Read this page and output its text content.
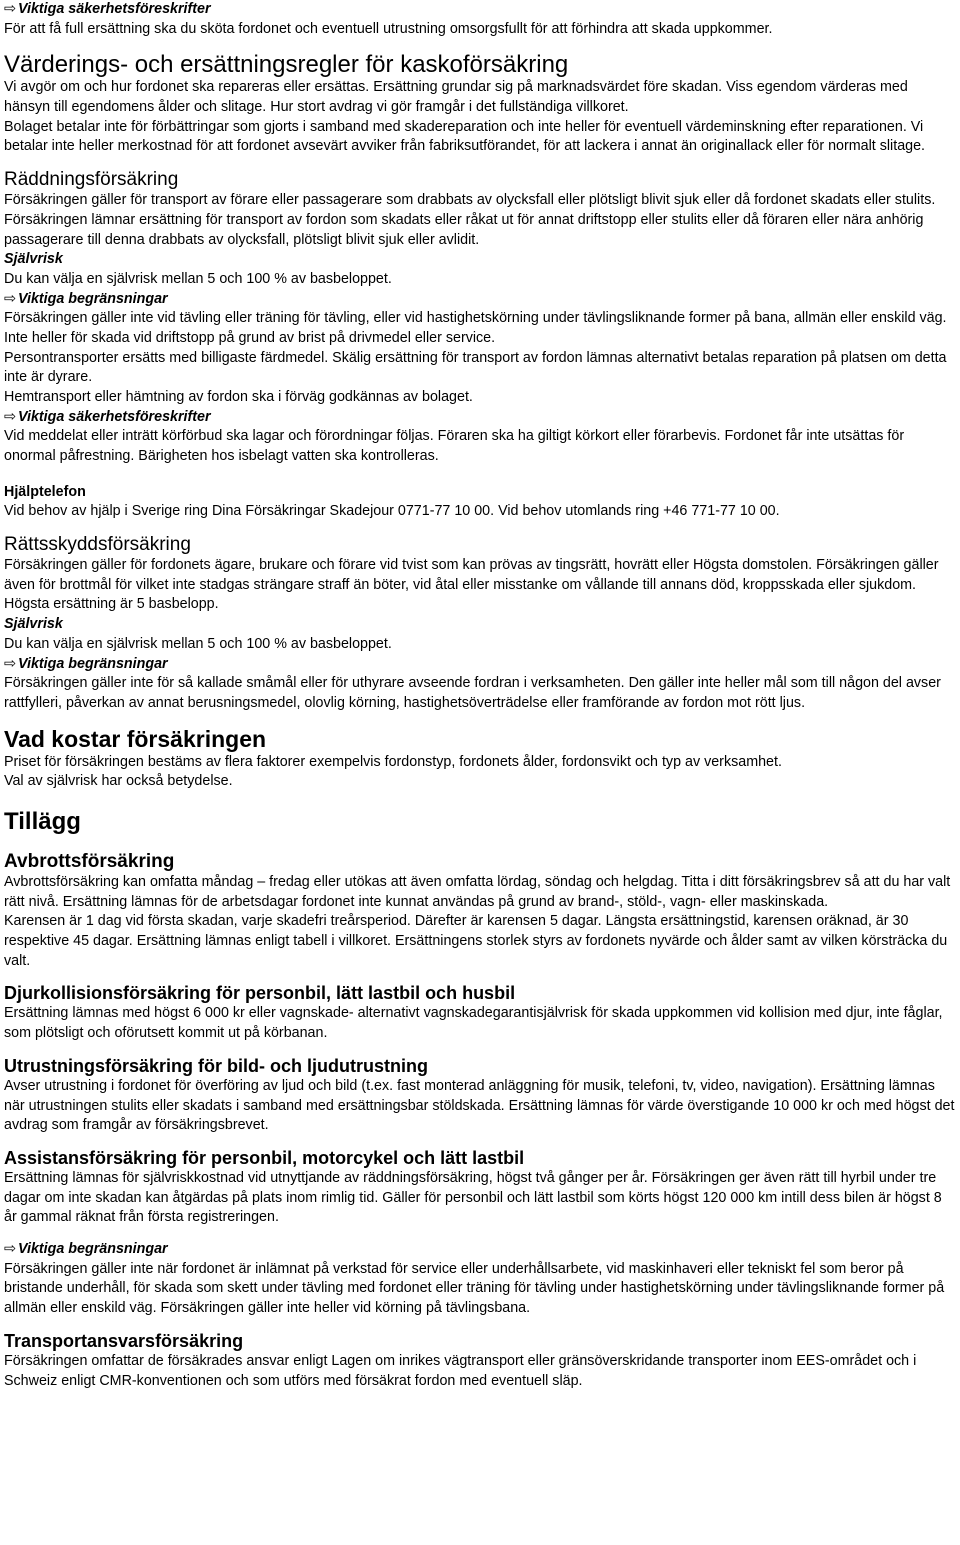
⇨ Viktiga säkerhetsföreskrifter

För att få full ersättning ska du sköta fordonet och eventuell utrustning omsorgsfullt för att förhindra att skada uppkommer.

Värderings- och ersättningsregler för kaskoförsäkring

Vi avgör om och hur fordonet ska repareras eller ersättas. Ersättning grundar sig på marknadsvärdet före skadan. Viss egendom värderas med hänsyn till egendomens ålder och slitage. Hur stort avdrag vi gör framgår i det fullständiga villkoret.

Bolaget betalar inte för förbättringar som gjorts i samband med skadereparation och inte heller för eventuell värdeminskning efter reparationen. Vi betalar inte heller merkostnad för att fordonet avsevärt avviker från fabriksutförandet, för att lackera i annat än originallack eller för normalt slitage.

Räddningsförsäkring

Försäkringen gäller för transport av förare eller passagerare som drabbats av olycksfall eller plötsligt blivit sjuk eller då fordonet skadats eller stulits. Försäkringen lämnar ersättning för transport av fordon som skadats eller råkat ut för annat driftstopp eller stulits eller då föraren eller nära anhörig passagerare till denna drabbats av olycksfall, plötsligt blivit sjuk eller avlidit.

Självrisk

Du kan välja en självrisk mellan 5 och 100 % av basbeloppet.

⇨ Viktiga begränsningar

Försäkringen gäller inte vid tävling eller träning för tävling, eller vid hastighetskörning under tävlingsliknande former på bana, allmän eller enskild väg. Inte heller för skada vid driftstopp på grund av brist på drivmedel eller service.

Persontransporter ersätts med billigaste färdmedel. Skälig ersättning för transport av fordon lämnas alternativt betalas reparation på platsen om detta inte är dyrare.

Hemtransport eller hämtning av fordon ska i förväg godkännas av bolaget.

⇨ Viktiga säkerhetsföreskrifter

Vid meddelat eller inträtt körförbud ska lagar och förordningar följas. Föraren ska ha giltigt körkort eller förarbevis. Fordonet får inte utsättas för onormal påfrestning. Bärigheten hos isbelagt vatten ska kontrolleras.

Hjälptelefon

Vid behov av hjälp i Sverige ring Dina Försäkringar Skadejour 0771-77 10 00. Vid behov utomlands ring +46 771-77 10 00.

Rättsskyddsförsäkring

Försäkringen gäller för fordonets ägare, brukare och förare vid tvist som kan prövas av tingsrätt, hovrätt eller Högsta domstolen. Försäkringen gäller även för brottmål för vilket inte stadgas strängare straff än böter, vid åtal eller misstanke om vållande till annans död, kroppsskada eller sjukdom. Högsta ersättning är 5 basbelopp.

Självrisk

Du kan välja en självrisk mellan 5 och 100 % av basbeloppet.

⇨ Viktiga begränsningar

Försäkringen gäller inte för så kallade småmål eller för uthyrare avseende fordran i verksamheten. Den gäller inte heller mål som till någon del avser rattfylleri, påverkan av annat berusningsmedel, olovlig körning, hastighetsöverträdelse eller framförande av fordon mot rött ljus.

Vad kostar försäkringen

Priset för försäkringen bestäms av flera faktorer exempelvis fordonstyp, fordonets ålder, fordonsvikt och typ av verksamhet.

Val av självrisk har också betydelse.

Tillägg

Avbrottsförsäkring

Avbrottsförsäkring kan omfatta måndag – fredag eller utökas att även omfatta lördag, söndag och helgdag. Titta i ditt försäkringsbrev så att du har valt rätt nivå. Ersättning lämnas för de arbetsdagar fordonet inte kunnat användas på grund av brand-, stöld-, vagn- eller maskinskada.

Karensen är 1 dag vid första skadan, varje skadefri treårsperiod. Därefter är karensen 5 dagar. Längsta ersättningstid, karensen oräknad, är 30 respektive 45 dagar. Ersättning lämnas enligt tabell i villkoret. Ersättningens storlek styrs av fordonets nyvärde och ålder samt av vilken körsträcka du valt.

Djurkollisionsförsäkring för personbil, lätt lastbil och husbil

Ersättning lämnas med högst 6 000 kr eller vagnskade- alternativt vagnskadegarantisjälvrisk för skada uppkommen vid kollision med djur, inte fåglar, som plötsligt och oförutsett kommit ut på körbanan.

Utrustningsförsäkring för bild- och ljudutrustning

Avser utrustning i fordonet för överföring av ljud och bild (t.ex. fast monterad anläggning för musik, telefoni, tv, video, navigation). Ersättning lämnas när utrustningen stulits eller skadats i samband med ersättningsbar stöldskada. Ersättning lämnas för värde överstigande 10 000 kr och med högst det avdrag som framgår av försäkringsbrevet.

Assistansförsäkring för personbil, motorcykel och lätt lastbil

Ersättning lämnas för självriskkostnad vid utnyttjande av räddningsförsäkring, högst två gånger per år. Försäkringen ger även rätt till hyrbil under tre dagar om inte skadan kan åtgärdas på plats inom rimlig tid. Gäller för personbil och lätt lastbil som körts högst 120 000 km intill dess bilen är högst 8 år gammal räknat från första registreringen.

⇨ Viktiga begränsningar

Försäkringen gäller inte när fordonet är inlämnat på verkstad för service eller underhållsarbete, vid maskinhaveri eller tekniskt fel som beror på bristande underhåll, för skada som skett under tävling med fordonet eller träning för tävling under hastighetskörning under tävlingsliknande former på allmän eller enskild väg. Försäkringen gäller inte heller vid körning på tävlingsbana.

Transportansvarsförsäkring

Försäkringen omfattar de försäkrades ansvar enligt Lagen om inrikes vägtransport eller gränsöverskridande transporter inom EES-området och i Schweiz enligt CMR-konventionen och som utförs med försäkrat fordon med eventuell släp.
